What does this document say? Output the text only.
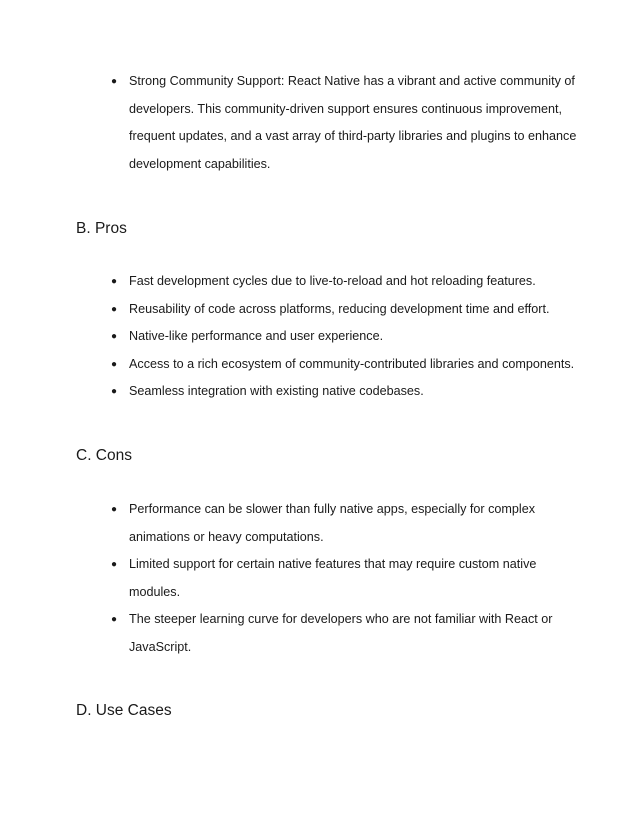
● Strong Community Support: React Native has a vibrant and active community of developers. This community-driven support ensures continuous improvement, frequent updates, and a vast array of third-party libraries and plugins to enhance development capabilities.
B. Pros
● Fast development cycles due to live-to-reload and hot reloading features.
● Reusability of code across platforms, reducing development time and effort.
● Native-like performance and user experience.
● Access to a rich ecosystem of community-contributed libraries and components.
● Seamless integration with existing native codebases.
C. Cons
● Performance can be slower than fully native apps, especially for complex animations or heavy computations.
● Limited support for certain native features that may require custom native modules.
● The steeper learning curve for developers who are not familiar with React or JavaScript.
D. Use Cases
